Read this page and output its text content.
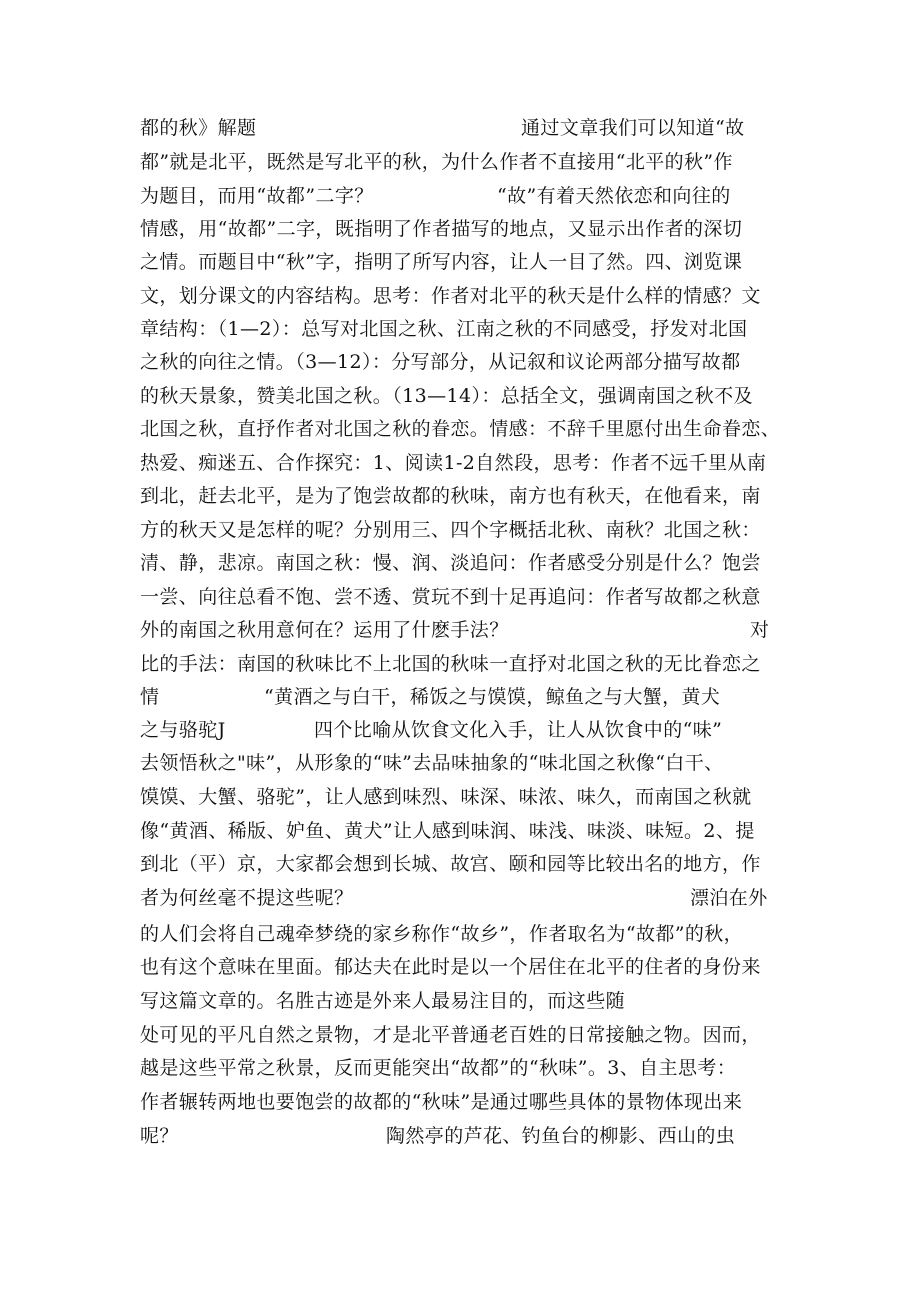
都的秋》解题

	通过文章我们可以知道“故

都”就是北平，既然是写北平的秋，为什么作者不直接用“北平的秋”作

为题目，而用“故都”二字？

	“故”有着天然依恋和向往的

情感，用“故都”二字，既指明了作者描写的地点，又显示出作者的深切

之情。而题目中“秋”字，指明了所写内容，让人一目了然。四、浏览课

文，划分课文的内容结构。思考：作者对北平的秋天是什么样的情感？文

章结构：（1—2）：总写对北国之秋、江南之秋的不同感受，抒发对北国

之秋的向往之情。（3—12）：分写部分，从记叙和议论两部分描写故都

的秋天景象，赞美北国之秋。（13—14）：总括全文，强调南国之秋不及

北国之秋，直抒作者对北国之秋的眷恋。情感：不辞千里愿付出生命眷恋、

热爱、痴迷五、合作探究：1、阅读1-2自然段，思考：作者不远千里从南

到北，赶去北平，是为了饱尝故都的秋味，南方也有秋天，在他看来，南

方的秋天又是怎样的呢？分别用三、四个字概括北秋、南秋？北国之秋：

清、静，悲凉。南国之秋：慢、润、淡追问：作者感受分别是什么？饱尝

一尝、向往总看不饱、尝不透、赏玩不到十足再追问：作者写故都之秋意

外的南国之秋用意何在？运用了什麽手法？

	对

比的手法：南国的秋味比不上北国的秋味一直抒对北国之秋的无比眷恋之

情

	“黄酒之与白干，稀饭之与馍馍，鲸鱼之与大蟹，黄犬

之与骆驼J

	四个比喻从饮食文化入手，让人从饮食中的“味”

去领悟秋之"味”，从形象的“味”去品味抽象的“味北国之秋像“白干、

馍馍、大蟹、骆驼”，让人感到味烈、味深、味浓、味久，而南国之秋就

像“黄酒、稀版、妒鱼、黄犬”让人感到味润、味浅、味淡、味短。2、提

到北（平）京，大家都会想到长城、故宫、颐和园等比较出名的地方，作

者为何丝毫不提这些呢？

	漂泊在外

的人们会将自己魂牵梦绕的家乡称作“故乡”，作者取名为“故都”的秋，

也有这个意味在里面。郁达夫在此时是以一个居住在北平的住者的身份来

写这篇文章的。名胜古迹是外来人最易注目的，而这些随

处可见的平凡自然之景物，才是北平普通老百姓的日常接触之物。因而，

越是这些平常之秋景，反而更能突出“故都”的“秋味”。3、自主思考：

作者辗转两地也要饱尝的故都的“秋味”是通过哪些具体的景物体现出来

呢？

	陶然亭的芦花、钓鱼台的柳影、西山的虫
